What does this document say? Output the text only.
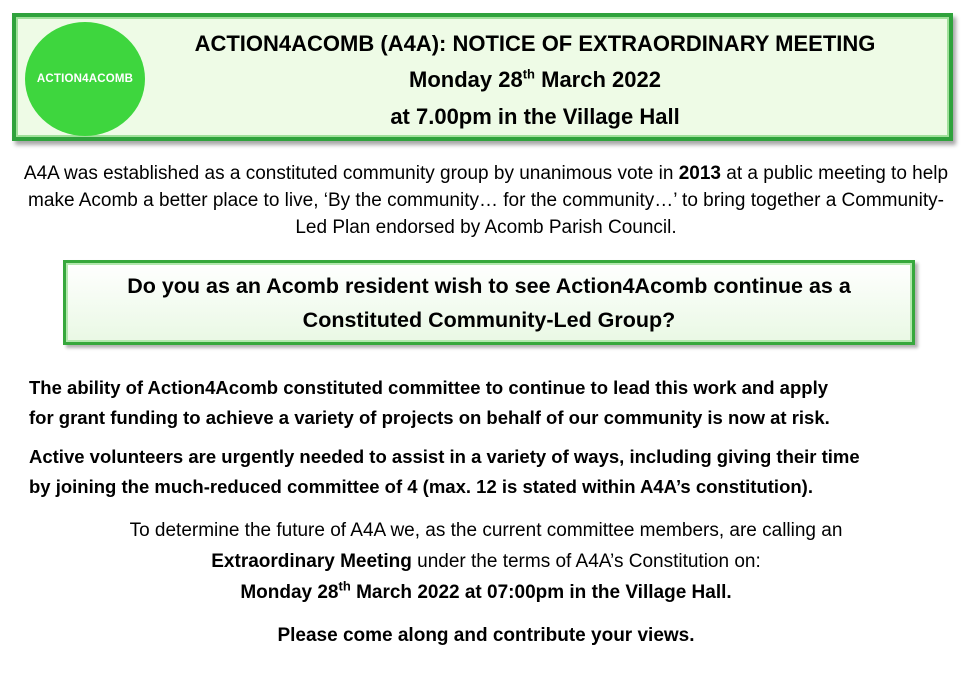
ACTION4ACOMB
ACTION4ACOMB (A4A): NOTICE OF EXTRAORDINARY MEETING
Monday 28th March 2022
at 7.00pm in the Village Hall
A4A was established as a constituted community group by unanimous vote in 2013 at a public meeting to help make Acomb a better place to live, ‘By the community… for the community…’ to bring together a Community-Led Plan endorsed by Acomb Parish Council.
Do you as an Acomb resident wish to see Action4Acomb continue as a
Constituted Community-Led Group?
The ability of Action4Acomb constituted committee to continue to lead this work and apply
for grant funding to achieve a variety of projects on behalf of our community is now at risk.
Active volunteers are urgently needed to assist in a variety of ways, including giving their time
by joining the much-reduced committee of 4 (max. 12 is stated within A4A’s constitution).
To determine the future of A4A we, as the current committee members, are calling an
Extraordinary Meeting under the terms of A4A’s Constitution on:
Monday 28th March 2022 at 07:00pm in the Village Hall.
Please come along and contribute your views.
